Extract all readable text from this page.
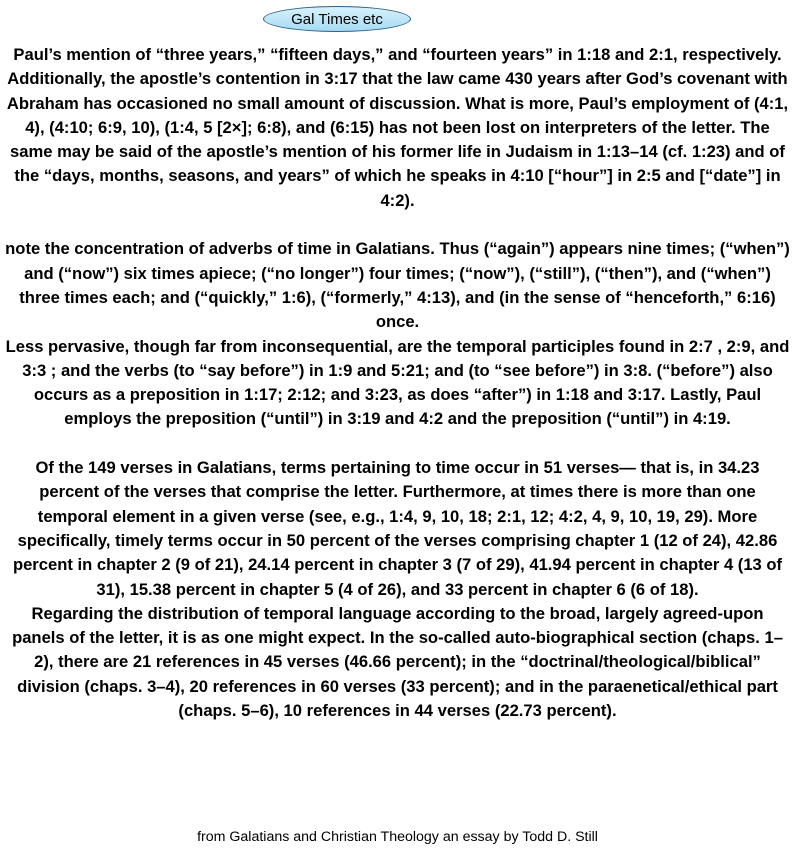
Gal Times etc

Paul’s mention of “three years,” “fifteen days,” and “fourteen years” in 1:18 and 2:1, respectively. Additionally, the apostle’s contention in 3:17 that the law came 430 years after God’s covenant with Abraham has occasioned no small amount of discussion. What is more, Paul’s employment of (4:1, 4), (4:10; 6:9, 10), (1:4, 5 [2×]; 6:8), and (6:15) has not been lost on interpreters of the letter. The same may be said of the apostle’s mention of his former life in Judaism in 1:13–14 (cf. 1:23) and of the “days, months, seasons, and years” of which he speaks in 4:10 [“hour”] in 2:5 and [“date”] in 4:2).

note the concentration of adverbs of time in Galatians. Thus (“again”) appears nine times; (“when”) and (“now”) six times apiece; (“no longer”) four times; (“now”), (“still”), (“then”), and (“when”) three times each; and (“quickly,” 1:6), (“formerly,” 4:13), and (in the sense of “henceforth,” 6:16) once.

Less pervasive, though far from inconsequential, are the temporal participles found in 2:7 , 2:9, and 3:3 ; and the verbs (to “say before”) in 1:9 and 5:21; and (to “see before”) in 3:8. (“before”) also occurs as a preposition in 1:17; 2:12; and 3:23, as does “after”) in 1:18 and 3:17. Lastly, Paul employs the preposition (“until”) in 3:19 and 4:2 and the preposition (“until”) in 4:19.

Of the 149 verses in Galatians, terms pertaining to time occur in 51 verses— that is, in 34.23 percent of the verses that comprise the letter. Furthermore, at times there is more than one temporal element in a given verse (see, e.g., 1:4, 9, 10, 18; 2:1, 12; 4:2, 4, 9, 10, 19, 29). More specifically, timely terms occur in 50 percent of the verses comprising chapter 1 (12 of 24), 42.86 percent in chapter 2 (9 of 21), 24.14 percent in chapter 3 (7 of 29), 41.94 percent in chapter 4 (13 of 31), 15.38 percent in chapter 5 (4 of 26), and 33 percent in chapter 6 (6 of 18).

Regarding the distribution of temporal language according to the broad, largely agreed-upon panels of the letter, it is as one might expect. In the so-called auto-biographical section (chaps. 1–2), there are 21 references in 45 verses (46.66 percent); in the “doctrinal/theological/biblical” division (chaps. 3–4), 20 references in 60 verses (33 percent); and in the paraenetical/ethical part (chaps. 5–6), 10 references in 44 verses (22.73 percent).

from Galatians and Christian Theology an essay by Todd D. Still
